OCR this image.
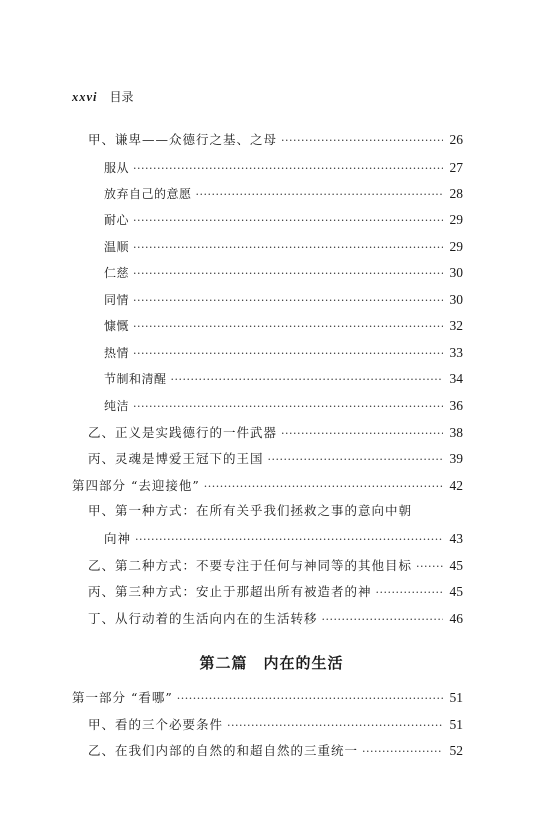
xxvi 目录
甲、谦卑——众德行之基、之母 ·····	26
服从 ·····	27
放弃自己的意愿 ·····	28
耐心 ·····	29
温顺 ·····	29
仁慈 ·····	30
同情 ·····	30
慷慨 ·····	32
热情 ·····	33
节制和清醒 ·····	34
纯洁 ·····	36
乙、正义是实践德行的一件武器 ·····	38
丙、灵魂是博爱王冠下的王国 ·····	39
第四部分 “去迎接他” ·····	42
甲、第一种方式：在所有关乎我们拯救之事的意向中朝
向神 ·····	43
乙、第二种方式：不要专注于任何与神同等的其他目标 ·····	45
丙、第三种方式：安止于那超出所有被造者的神 ·····	45
丁、从行动着的生活向内在的生活转移 ·····	46
第二篇　内在的生活
第一部分 “看哪” ·····	51
甲、看的三个必要条件 ·····	51
乙、在我们内部的自然的和超自然的三重统一 ·····	52
